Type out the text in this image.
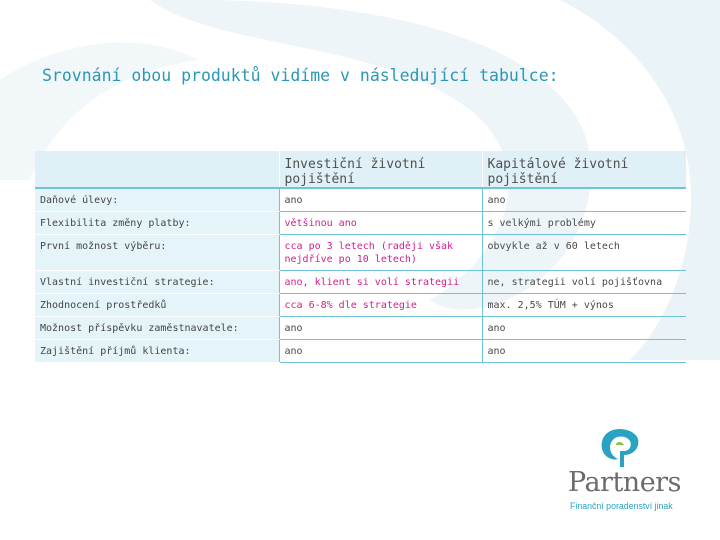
Srovnání obou produktů vidíme v následující tabulce:
	Investiční životní pojištění	Kapitálové životní pojištění
Daňové úlevy:	ano	ano
Flexibilita změny platby:	většinou ano	s velkými problémy
První možnost výběru:	cca po 3 letech (raději však nejdříve po 10 letech)	obvykle až v 60 letech
Vlastní investiční strategie:	ano, klient si volí strategii	ne, strategii volí pojišťovna
Zhodnocení prostředků	cca 6-8% dle strategie	max. 2,5% TÚM + výnos
Možnost příspěvku zaměstnavatele:	ano	ano
Zajištění příjmů klienta:	ano	ano
Partners
Finanční poradenství jinak
